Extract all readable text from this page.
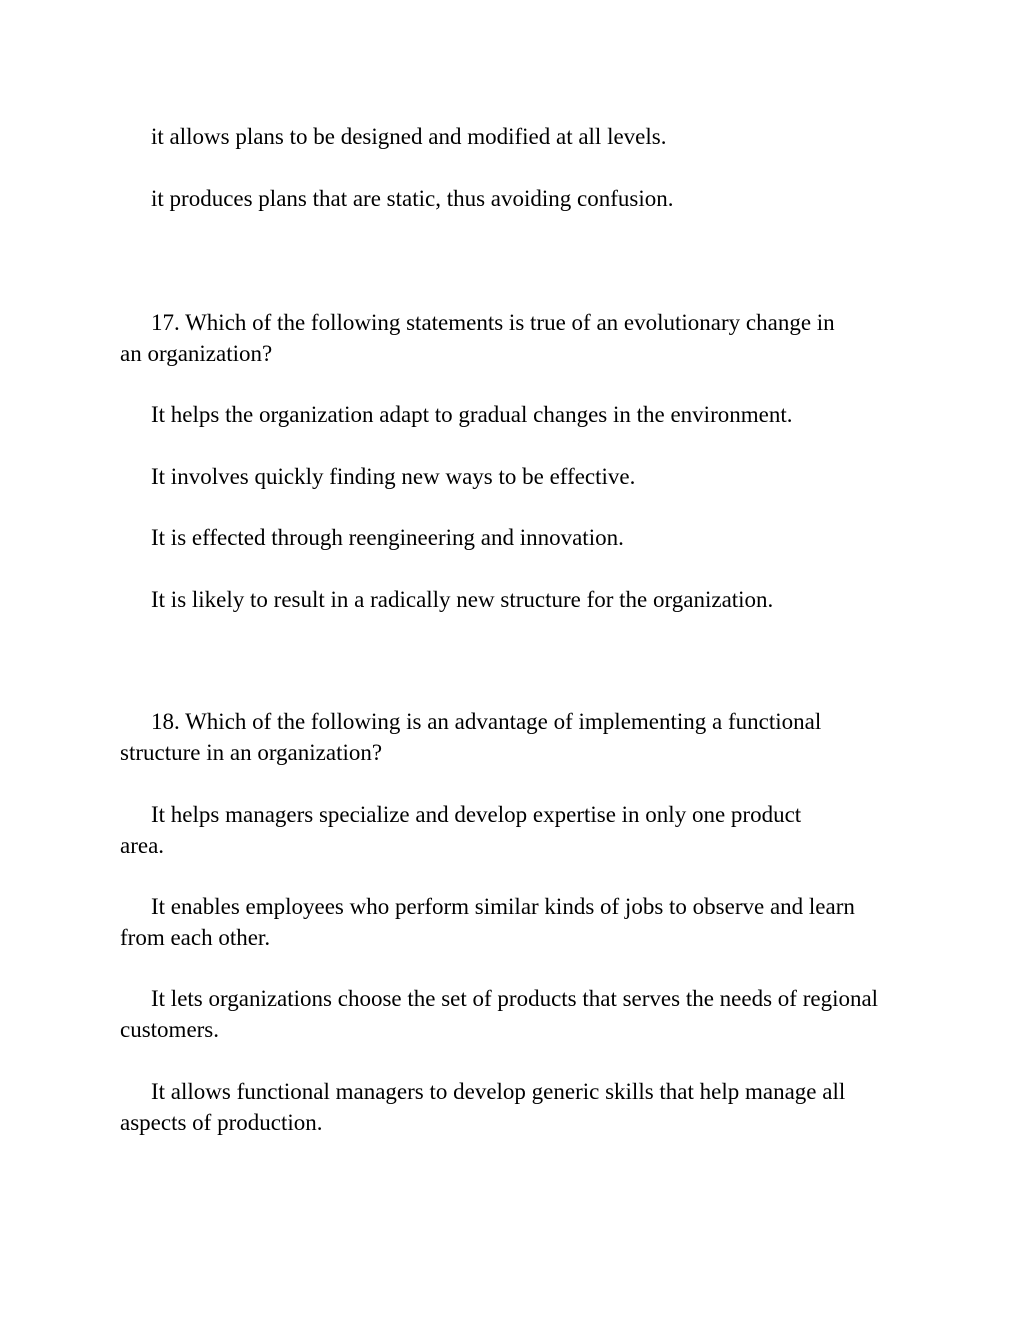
it allows plans to be designed and modified at all levels.

it produces plans that are static, thus avoiding confusion.

17. Which of the following statements is true of an evolutionary change in an organization?

It helps the organization adapt to gradual changes in the environment.

It involves quickly finding new ways to be effective.

It is effected through reengineering and innovation.

It is likely to result in a radically new structure for the organization.

18. Which of the following is an advantage of implementing a functional structure in an organization?

It helps managers specialize and develop expertise in only one product area.

It enables employees who perform similar kinds of jobs to observe and learn from each other.

It lets organizations choose the set of products that serves the needs of regional customers.

It allows functional managers to develop generic skills that help manage all aspects of production.
